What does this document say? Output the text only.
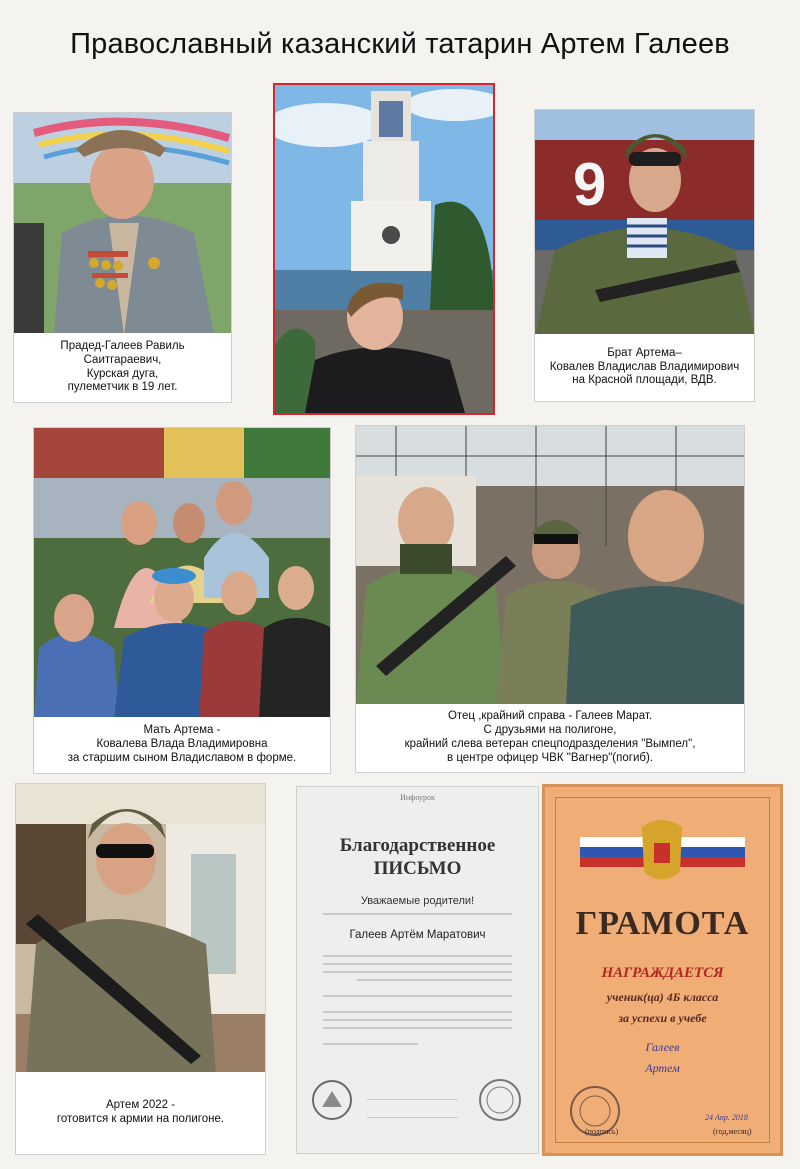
Православный казанский татарин Артем Галеев
Прадед-Галеев Равиль
Саитгараевич,
Курская дуга,
пулеметчик в 19 лет.
9
Брат Артема–
Ковалев Владислав Владимирович
на Красной площади, ВДВ.
Мать Артема -
Ковалева Влада Владимировна
за старшим сыном Владиславом в форме.
Отец ,крайний справа - Галеев Марат.
С друзьями на полигоне,
крайний слева ветеран спецподразделения "Вымпел",
в центре офицер ЧВК "Вагнер"(погиб).
Артем 2022 -
готовится к армии на полигоне.
Инфоурок
Благодарственное
ПИСЬМО
Уважаемые родители!
Галеев Артём Маратович	ГРАМОТА
НАГРАЖДАЕТСЯ
ученик(ца) 4Б класса
за успехи в учебе
Галеев
Артем
(подпись)
24 Апр. 2018
(год,месяц)
